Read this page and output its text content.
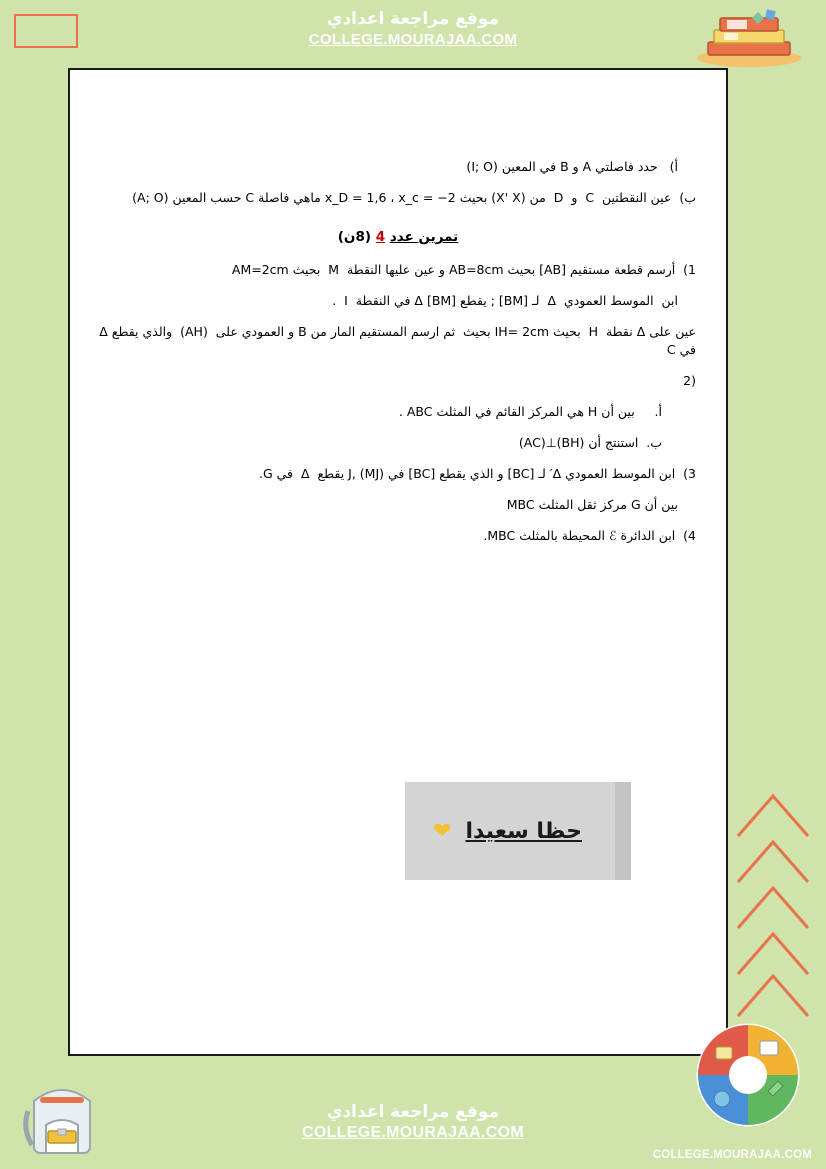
موقع مراجعة اعدادي
COLLEGE.MOURAJAA.COM
أ)   حدد فاصلتي A و B في المعين (I; O)
ب)  عين النقطتين  C  و  D  من (X' X) بحيث x_D = 1,6 ، x_c = −2 ماهي فاصلة C حسب المعين (A; O)
تمرين عدد 4 (8ن)
1)  أرسم قطعة مستقيم [AB] بحيث AB=8cm و عين عليها النقطة  M  بحيث AM=2cm
ابن  الموسط العمودي  Δ  لـ [BM] ; يقطع Δ [BM] في النقطة  I  .
عين على Δ نقطة  H  بحيث IH= 2cm بحيث  ثم ارسم المستقيم المار من B و العمودي على  (AH)  والذي يقطع Δ في C
(2
أ.     بين أن H هي المركز القائم في المثلث ABC .
ب.  استنتج أن (BH)⊥(AC)
3)  ابن الموسط العمودي Δ′ لـ [BC] و الذي يقطع [BC] في J, (MJ) يقطع  Δ  في G.
بين أن G مركز ثقل المثلث MBC
4)  ابن الدائرة ℰ المحيطة بالمثلث MBC.
حظا سعيدا
❤
موقع مراجعة اعدادي
COLLEGE.MOURAJAA.COM
COLLEGE.MOURAJAA.COM
